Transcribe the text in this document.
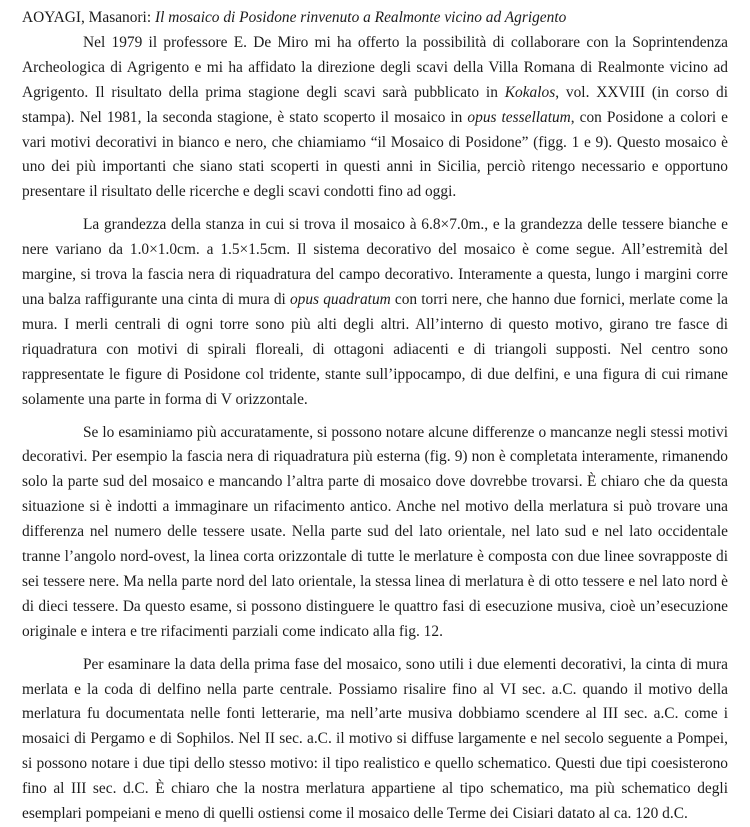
AOYAGI, Masanori: Il mosaico di Posidone rinvenuto a Realmonte vicino ad Agrigento

Nel 1979 il professore E. De Miro mi ha offerto la possibilità di collaborare con la Soprintendenza Archeologica di Agrigento e mi ha affidato la direzione degli scavi della Villa Romana di Realmonte vicino ad Agrigento. Il risultato della prima stagione degli scavi sarà pubblicato in Kokalos, vol. XXVIII (in corso di stampa). Nel 1981, la seconda stagione, è stato scoperto il mosaico in opus tessellatum, con Posidone a colori e vari motivi decorativi in bianco e nero, che chiamiamo “il Mosaico di Posidone” (figg. 1 e 9). Questo mosaico è uno dei più importanti che siano stati scoperti in questi anni in Sicilia, perciò ritengo necessario e opportuno presentare il risultato delle ricerche e degli scavi condotti fino ad oggi.

La grandezza della stanza in cui si trova il mosaico à 6.8×7.0m., e la grandezza delle tessere bianche e nere variano da 1.0×1.0cm. a 1.5×1.5cm. Il sistema decorativo del mosaico è come segue. All’estremità del margine, si trova la fascia nera di riquadratura del campo decorativo. Interamente a questa, lungo i margini corre una balza raffigurante una cinta di mura di opus quadratum con torri nere, che hanno due fornici, merlate come la mura. I merli centrali di ogni torre sono più alti degli altri. All’interno di questo motivo, girano tre fasce di riquadratura con motivi di spirali floreali, di ottagoni adiacenti e di triangoli supposti. Nel centro sono rappresentate le figure di Posidone col tridente, stante sull’ippocampo, di due delfini, e una figura di cui rimane solamente una parte in forma di V orizzontale.

Se lo esaminiamo più accuratamente, si possono notare alcune differenze o mancanze negli stessi motivi decorativi. Per esempio la fascia nera di riquadratura più esterna (fig. 9) non è completata interamente, rimanendo solo la parte sud del mosaico e mancando l’altra parte di mosaico dove dovrebbe trovarsi. È chiaro che da questa situazione si è indotti a immaginare un rifacimento antico. Anche nel motivo della merlatura si può trovare una differenza nel numero delle tessere usate. Nella parte sud del lato orientale, nel lato sud e nel lato occidentale tranne l’angolo nord-ovest, la linea corta orizzontale di tutte le merlature è composta con due linee sovrapposte di sei tessere nere. Ma nella parte nord del lato orientale, la stessa linea di merlatura è di otto tessere e nel lato nord è di dieci tessere. Da questo esame, si possono distinguere le quattro fasi di esecuzione musiva, cioè un’esecuzione originale e intera e tre rifacimenti parziali come indicato alla fig. 12.

Per esaminare la data della prima fase del mosaico, sono utili i due elementi decorativi, la cinta di mura merlata e la coda di delfino nella parte centrale. Possiamo risalire fino al VI sec. a.C. quando il motivo della merlatura fu documentata nelle fonti letterarie, ma nell’arte musiva dobbiamo scendere al III sec. a.C. come i mosaici di Pergamo e di Sophilos. Nel II sec. a.C. il motivo si diffuse largamente e nel secolo seguente a Pompei, si possono notare i due tipi dello stesso motivo: il tipo realistico e quello schematico. Questi due tipi coesisterono fino al III sec. d.C. È chiaro che la nostra merlatura appartiene al tipo schematico, ma più schematico degli esemplari pompeiani e meno di quelli ostiensi come il mosaico delle Terme dei Cisiari datato al ca. 120 d.C.
